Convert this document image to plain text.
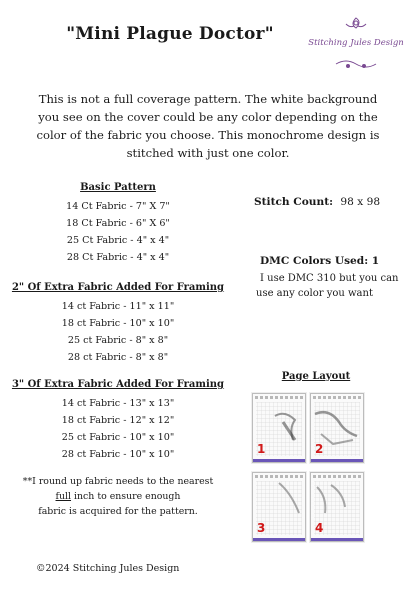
"Mini Plague Doctor"	Stitching Jules Design
This is not a full coverage pattern. The white background you see on the cover could be any color depending on the color of the fabric you choose. This monochrome design is stitched with just one color.
Basic Pattern
14 Ct Fabric - 7" X 7"
18 Ct Fabric - 6" X 6"
25 Ct Fabric - 4" x 4"
28 Ct Fabric - 4" x 4"
2" Of Extra Fabric Added For Framing
14 ct Fabric - 11" x 11"
18 ct Fabric - 10" x 10"
25 ct Fabric - 8" x 8"
28 ct Fabric - 8" x 8"
3" Of Extra Fabric Added For Framing
14 ct Fabric - 13" x 13"
18 ct Fabric - 12" x 12"
25 ct Fabric - 10" x 10"
28 ct Fabric - 10" x 10"
**I round up fabric needs to the nearest
full inch to ensure enough
fabric is acquired for the pattern.
Stitch Count: 98 x 98
DMC Colors Used: 1
I use DMC 310 but you can
use any color you want
Page Layout
1	2
3	4
©2024 Stitching Jules Design
